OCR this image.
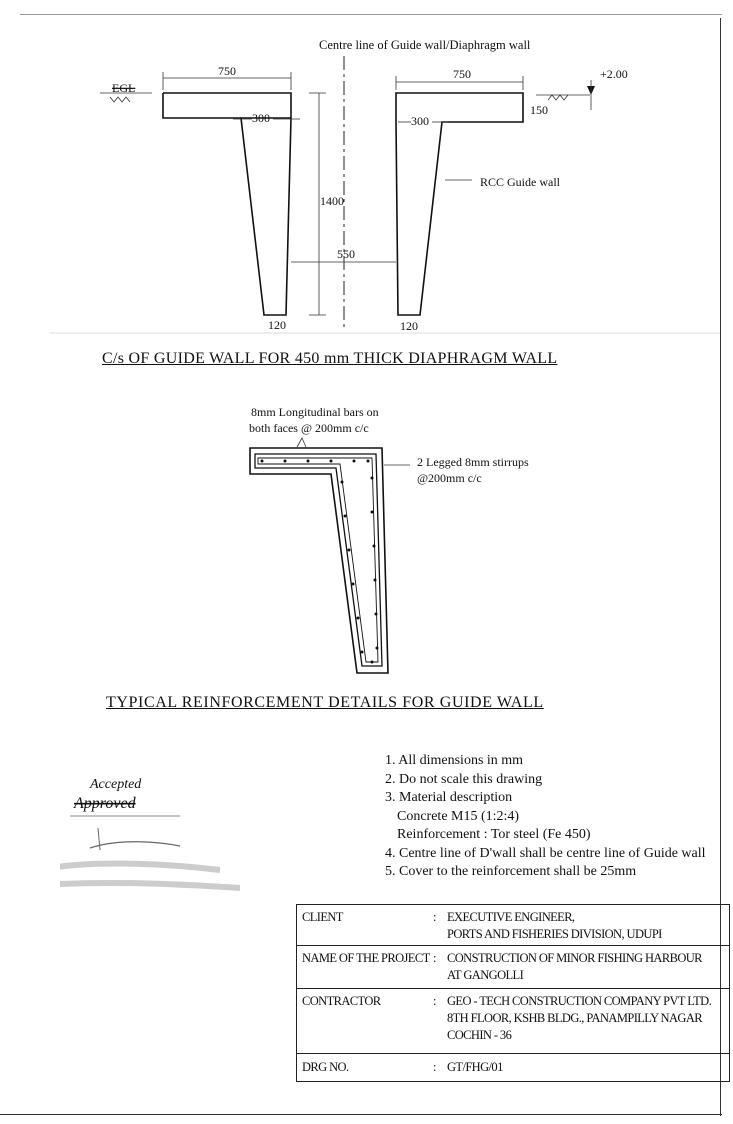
Centre line of Guide wall/Diaphragm wall
750	750
EGL
+2.00
300	300
150
1400
550
RCC Guide wall
120	120
C/s OF GUIDE WALL FOR 450 mm THICK DIAPHRAGM WALL
8mm Longitudinal bars on
both faces @ 200mm c/c
2 Legged 8mm stirrups
@200mm c/c
TYPICAL REINFORCEMENT DETAILS FOR GUIDE WALL
Accepted
Approved
1. All dimensions in mm
2. Do not scale this drawing
3. Material description
Concrete M15 (1:2:4)
Reinforcement : Tor steel (Fe 450)
4. Centre line of D'wall shall be centre line of Guide wall
5. Cover to the reinforcement shall be 25mm
CLIENT	: EXECUTIVE ENGINEER,
PORTS AND FISHERIES DIVISION, UDUPI
NAME OF THE PROJECT : CONSTRUCTION OF MINOR FISHING HARBOUR
AT GANGOLLI
CONTRACTOR	: GEO - TECH CONSTRUCTION COMPANY PVT LTD.
8TH FLOOR, KSHB BLDG., PANAMPILLY NAGAR
COCHIN - 36
DRG NO.	: GT/FHG/01
